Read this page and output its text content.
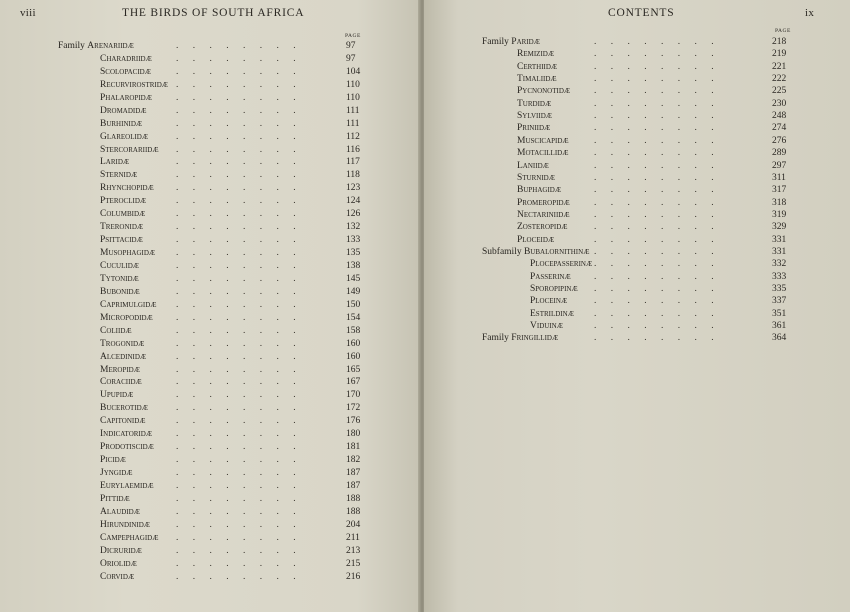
viii	THE BIRDS OF SOUTH AFRICA
PAGE
Family Arenariidæ	. . . . . . . .	97
Charadriidæ	. . . . . . . .	97
Scolopacidæ	. . . . . . . .	104
Recurvirostridæ . . . . . . . .	110
Phalaropidæ	. . . . . . . .	110
Dromadidæ	. . . . . . . .	111
Burhinidæ	. . . . . . . .	111
Glareolidæ	. . . . . . . .	112
Stercorariidæ . . . . . . . .	116
Laridæ	. . . . . . . .	117
Sternidæ	. . . . . . . .	118
Rhynchopidæ . . . . . . . .	123
Pteroclidæ	. . . . . . . .	124
Columbidæ	. . . . . . . .	126
Treronidæ	. . . . . . . .	132
Psittacidæ	. . . . . . . .	133
Musophagidæ . . . . . . . .	135
Cuculidæ	. . . . . . . .	138
Tytonidæ	. . . . . . . .	145
Bubonidæ	. . . . . . . .	149
Caprimulgidæ . . . . . . . .	150
Micropodidæ . . . . . . . .	154
Coliidæ	. . . . . . . .	158
Trogonidæ	. . . . . . . .	160
Alcedinidæ	. . . . . . . .	160
Meropidæ	. . . . . . . .	165
Coraciidæ	. . . . . . . .	167
Upupidæ	. . . . . . . .	170
Bucerotidæ	. . . . . . . .	172
Capitonidæ	. . . . . . . .	176
Indicatoridæ	. . . . . . . .	180
Prodotiscidæ . . . . . . . .	181
Picidæ	. . . . . . . .	182
Jyngidæ	. . . . . . . .	187
Eurylaemidæ . . . . . . . .	187
Pittidæ	. . . . . . . .	188
Alaudidæ	. . . . . . . .	188
Hirundinidæ	. . . . . . . .	204
Campephagidæ . . . . . . . .	211
Dicruridæ	. . . . . . . .	213
Oriolidæ	. . . . . . . .	215
Corvidæ	. . . . . . . .	216
CONTENTS	ix
PAGE
Family Paridæ	. . . . . . . .	218
Remizidæ	. . . . . . . .	219
Certhiidæ	. . . . . . . .	221
Timaliidæ	. . . . . . . .	222
Pycnonotidæ	. . . . . . . .	225
Turdidæ	. . . . . . . .	230
Sylviidæ	. . . . . . . .	248
Priniidæ	. . . . . . . .	274
Muscicapidæ	. . . . . . . .	276
Motacillidæ	. . . . . . . .	289
Laniidæ	. . . . . . . .	297
Sturnidæ	. . . . . . . .	311
Buphagidæ	. . . . . . . .	317
Promeropidæ	. . . . . . . .	318
Nectariniidæ	. . . . . . . .	319
Zosteropidæ	. . . . . . . .	329
Ploceidæ	. . . . . . . .	331
Subfamily Bubalornithinæ . . . . . . . .	331
Plocepasserinæ . . . . . . . .	332
Passerinæ . . . . . . . .	333
Sporopipinæ . . . . . . . .	335
Ploceinæ	. . . . . . . .	337
Estrildinæ . . . . . . . .	351
Viduinæ	. . . . . . . .	361
Family Fringillidæ	. . . . . . . .	364
